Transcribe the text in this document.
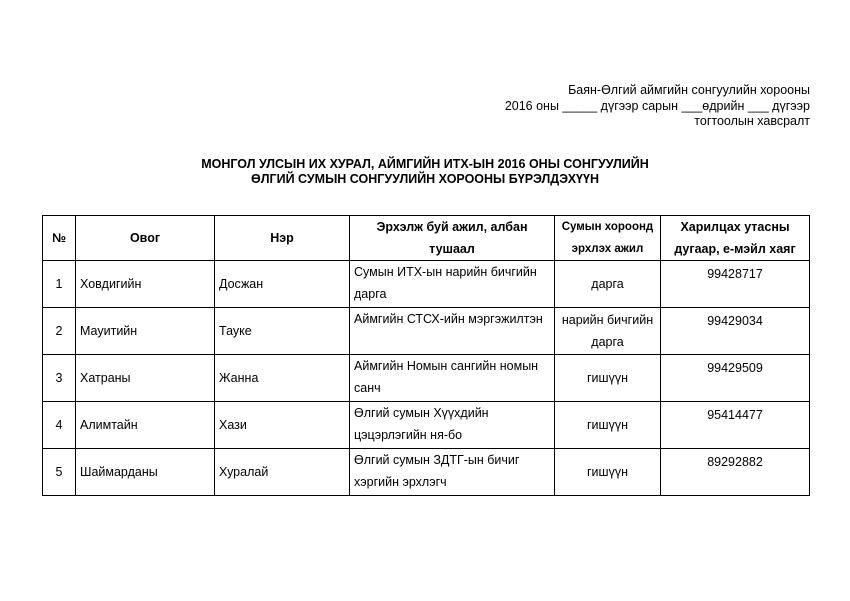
Баян-Өлгий аймгийн сонгуулийн хорооны
2016 оны _____ дүгээр сарын ___өдрийн ___ дүгээр
тогтоолын хавсралт
МОНГОЛ УЛСЫН ИХ ХУРАЛ, АЙМГИЙН ИТХ-ЫН 2016 ОНЫ СОНГУУЛИЙН
ӨЛГИЙ СУМЫН СОНГУУЛИЙН ХОРООНЫ БҮРЭЛДЭХҮҮН
№	Овог	Нэр	Эрхэлж буй ажил, албан тушаал	Сумын хороонд эрхлэх ажил	Харилцах утасны дугаар, е-мэйл хаяг
1	Ховдигийн	Досжан	Сумын ИТХ-ын нарийн бичгийн дарга	дарга	99428717
2	Мауитийн	Тауке	Аймгийн СТСХ-ийн мэргэжилтэн	нарийн бичгийн дарга	99429034
3	Хатраны	Жанна	Аймгийн Номын сангийн номын санч	гишүүн	99429509
4	Алимтайн	Хази	Өлгий сумын Хүүхдийн цэцэрлэгийн ня-бо	гишүүн	95414477
5	Шаймарданы	Хуралай	Өлгий сумын ЗДТГ-ын бичиг хэргийн эрхлэгч	гишүүн	89292882
